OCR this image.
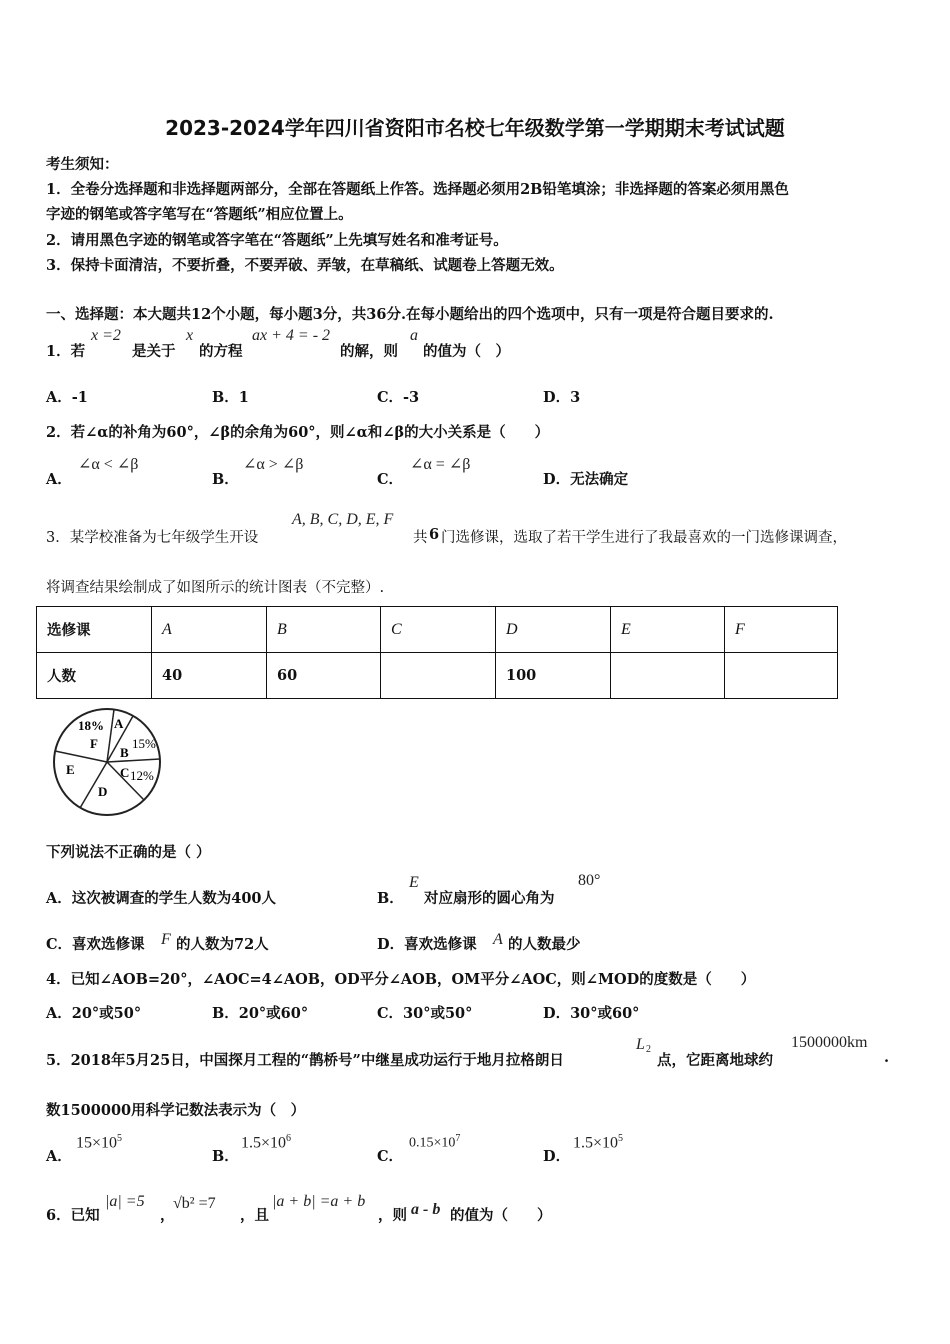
2023-2024学年四川省资阳市名校七年级数学第一学期期末考试试题
考生须知：
1．全卷分选择题和非选择题两部分，全部在答题纸上作答。选择题必须用2B铅笔填涂；非选择题的答案必须用黑色
字迹的钢笔或答字笔写在“答题纸”相应位置上。
2．请用黑色字迹的钢笔或答字笔在“答题纸”上先填写姓名和准考证号。
3．保持卡面清洁，不要折叠，不要弄破、弄皱，在草稿纸、试题卷上答题无效。
一、选择题：本大题共12个小题，每小题3分，共36分.在每小题给出的四个选项中，只有一项是符合题目要求的.
1．若
x =2
是关于
x
的方程
ax + 4 = - 2
的解，则
a
的值为（　）
A．-1	B．1	C．-3	D．3
2．若∠α的补角为60°，∠β的余角为60°，则∠α和∠β的大小关系是（　　）
A．
∠α < ∠β
B．
∠α > ∠β
C．
∠α = ∠β
D．无法确定
3．某学校准备为七年级学生开设
A, B, C, D, E, F
共 6 门选修课，选取了若干学生进行了我最喜欢的一门选修课调查，
将调查结果绘制成了如图所示的统计图表（不完整）.
选修课	A	B	C	D	E	F
人数	40	60		100		
18% A
F
B
15%
C 12%
E
D
下列说法不正确的是（ ）
A．这次被调查的学生人数为400人	B．
E
对应扇形的圆心角为
80°
C．喜欢选修课 F 的人数为72人	D．喜欢选修课 A 的人数最少
4．已知∠AOB=20°，∠AOC=4∠AOB，OD平分∠AOB，OM平分∠AOC，则∠MOD的度数是（　　）
A．20°或50°	B．20°或60°	C．30°或50°	D．30°或60°
5．2018年5月25日，中国探月工程的“鹊桥号”中继星成功运行于地月拉格朗日
L 2
点，它距离地球约
1500000km
.
数1500000用科学记数法表示为（　）
A．
$15\times 10^5$
B．
$1.5\times 10^6$
C．
$0.15\times 10^7$
D．
$1.5\times 10^5$
6．已知
|a| =5
，
√b² =7
，且
|a + b| =a + b
，则 a - b 的值为（　　）
